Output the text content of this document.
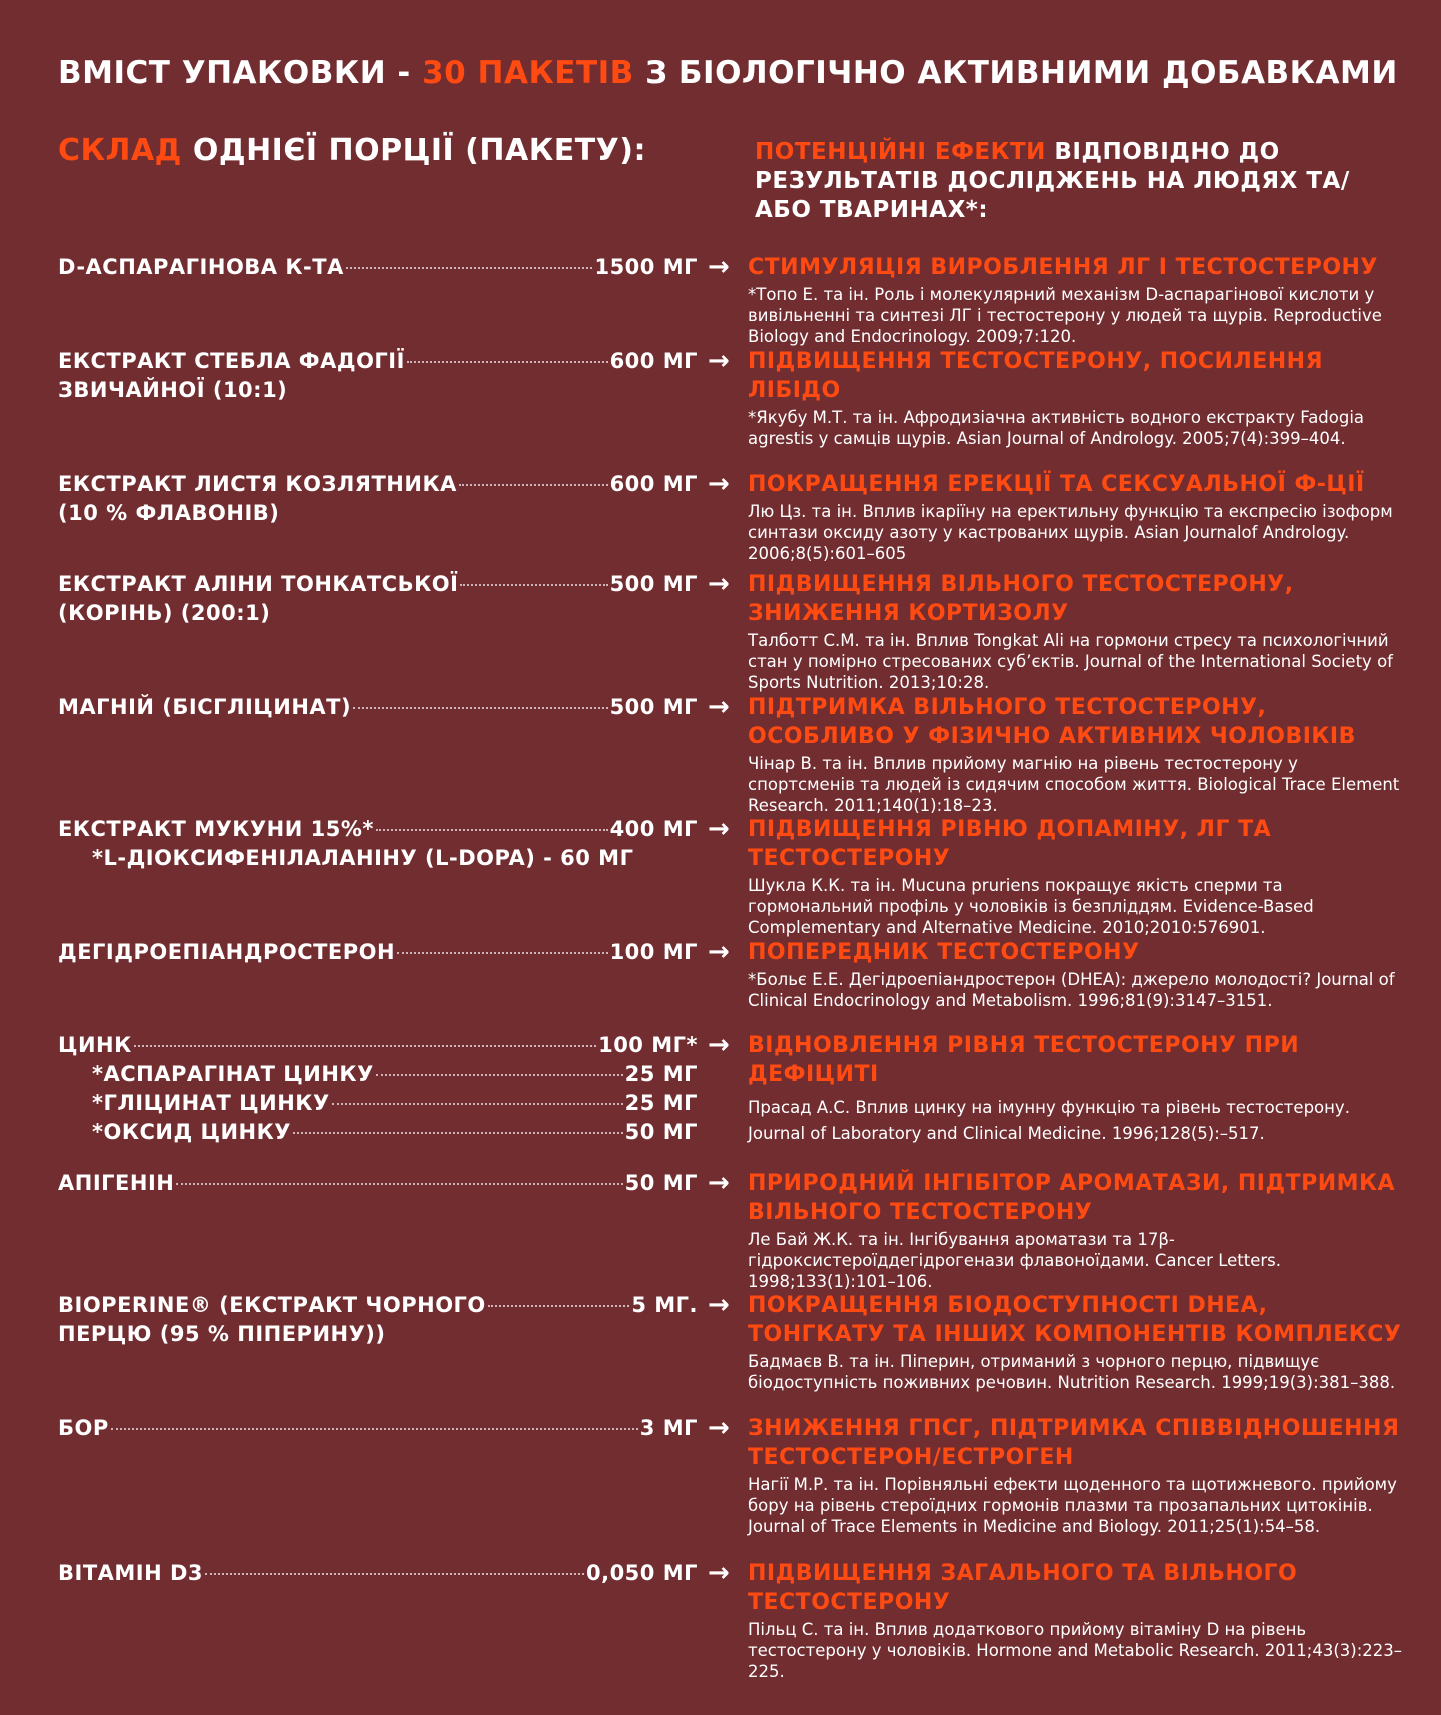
ВМІСТ УПАКОВКИ - 30 ПАКЕТІВ З БІОЛОГІЧНО АКТИВНИМИ ДОБАВКАМИ
СКЛАД ОДНІЄЇ ПОРЦІЇ (ПАКЕТУ):	ПОТЕНЦІЙНІ ЕФЕКТИ ВІДПОВІДНО ДО РЕЗУЛЬТАТІВ ДОСЛІДЖЕНЬ НА ЛЮДЯХ ТА/АБО ТВАРИНАХ*:
D-АСПАРАГІНОВА К-ТА	1500 МГ → СТИМУЛЯЦІЯ ВИРОБЛЕННЯ ЛГ І ТЕСТОСТЕРОНУ
*Топо Е. та ін. Роль і молекулярний механізм D-аспарагінової кислоти у вивільненні та синтезі ЛГ і тестостерону у людей та щурів. Reproductive Biology and Endocrinology. 2009;7:120.
ЕКСТРАКТ СТЕБЛА ФАДОГІЇ	600 МГ
ЗВИЧАЙНОЇ (10:1)
→ ПІДВИЩЕННЯ ТЕСТОСТЕРОНУ, ПОСИЛЕННЯ ЛІБІДО
*Якубу М.Т. та ін. Афродизіачна активність водного екстракту Fadogia agrestis у самців щурів. Asian Journal of Andrology. 2005;7(4):399–404.
ЕКСТРАКТ ЛИСТЯ КОЗЛЯТНИКА	600 МГ
(10 % ФЛАВОНІВ)
→ ПОКРАЩЕННЯ ЕРЕКЦІЇ ТА СЕКСУАЛЬНОЇ Ф-ЦІЇ
Лю Цз. та ін. Вплив ікаріїну на еректильну функцію та експресію ізоформ синтази оксиду азоту у кастрованих щурів. Asian Journalof Andrology. 2006;8(5):601–605
ЕКСТРАКТ АЛІНИ ТОНКАТСЬКОЇ	500 МГ
(КОРІНЬ) (200:1)
→ ПІДВИЩЕННЯ ВІЛЬНОГО ТЕСТОСТЕРОНУ, ЗНИЖЕННЯ КОРТИЗОЛУ
Талботт С.М. та ін. Вплив Tongkat Ali на гормони стресу та психологічний стан у помірно стресованих суб’єктів. Journal of the International Society of Sports Nutrition. 2013;10:28.
МАГНІЙ (БІСГЛІЦИНАТ)	500 МГ → ПІДТРИМКА ВІЛЬНОГО ТЕСТОСТЕРОНУ, ОСОБЛИВО У ФІЗИЧНО АКТИВНИХ ЧОЛОВІКІВ
Чінар В. та ін. Вплив прийому магнію на рівень тестостерону у спортсменів та людей із сидячим способом життя. Biological Trace Element Research. 2011;140(1):18–23.
ЕКСТРАКТ МУКУНИ 15%*	400 МГ
*L-ДІОКСИФЕНІЛАЛАНІНУ (L-DOPA) - 60 МГ
→ ПІДВИЩЕННЯ РІВНЮ ДОПАМІНУ, ЛГ ТА ТЕСТОСТЕРОНУ
Шукла К.К. та ін. Mucuna pruriens покращує якість сперми та гормональний профіль у чоловіків із безпліддям. Evidence-Based Complementary and Alternative Medicine. 2010;2010:576901.
ДЕГІДРОЕПІАНДРОСТЕРОН	100 МГ → ПОПЕРЕДНИК ТЕСТОСТЕРОНУ
*Больє Е.Е. Дегідроепіандростерон (DHEA): джерело молодості? Journal of Clinical Endocrinology and Metabolism. 1996;81(9):3147–3151.
ЦИНК	100 МГ*
*АСПАРАГІНАТ ЦИНКУ	25 МГ
*ГЛІЦИНАТ ЦИНКУ	25 МГ
*ОКСИД ЦИНКУ	50 МГ
→ ВІДНОВЛЕННЯ РІВНЯ ТЕСТОСТЕРОНУ ПРИ ДЕФІЦИТІ
Прасад А.С. Вплив цинку на імунну функцію та рівень тестостерону. Journal of Laboratory and Clinical Medicine. 1996;128(5):–517.
АПІГЕНІН	50 МГ → ПРИРОДНИЙ ІНГІБІТОР АРОМАТАЗИ, ПІДТРИМКА ВІЛЬНОГО ТЕСТОСТЕРОНУ
Ле Бай Ж.К. та ін. Інгібування ароматази та 17β-гідроксистероїддегідрогенази флавоноїдами. Cancer Letters. 1998;133(1):101–106.
BIOPERINE® (ЕКСТРАКТ ЧОРНОГО	5 МГ.
ПЕРЦЮ (95 % ПІПЕРИНУ))
→ ПОКРАЩЕННЯ БІОДОСТУПНОСТІ DHEA, ТОНГКАТУ ТА ІНШИХ КОМПОНЕНТІВ КОМПЛЕКСУ
Бадмаєв В. та ін. Піперин, отриманий з чорного перцю, підвищує біодоступність поживних речовин. Nutrition Research. 1999;19(3):381–388.
БОР	3 МГ → ЗНИЖЕННЯ ГПСГ, ПІДТРИМКА СПІВВІДНОШЕННЯ ТЕСТОСТЕРОН/ЕСТРОГЕН
Нагії М.Р. та ін. Порівняльні ефекти щоденного та щотижневого. прийому бору на рівень стероїдних гормонів плазми та прозапальних цитокінів. Journal of Trace Elements in Medicine and Biology. 2011;25(1):54–58.
ВІТАМІН D3	0,050 МГ → ПІДВИЩЕННЯ ЗАГАЛЬНОГО ТА ВІЛЬНОГО ТЕСТОСТЕРОНУ
Пільц С. та ін. Вплив додаткового прийому вітаміну D на рівень тестостерону у чоловіків. Hormone and Metabolic Research. 2011;43(3):223–225.
